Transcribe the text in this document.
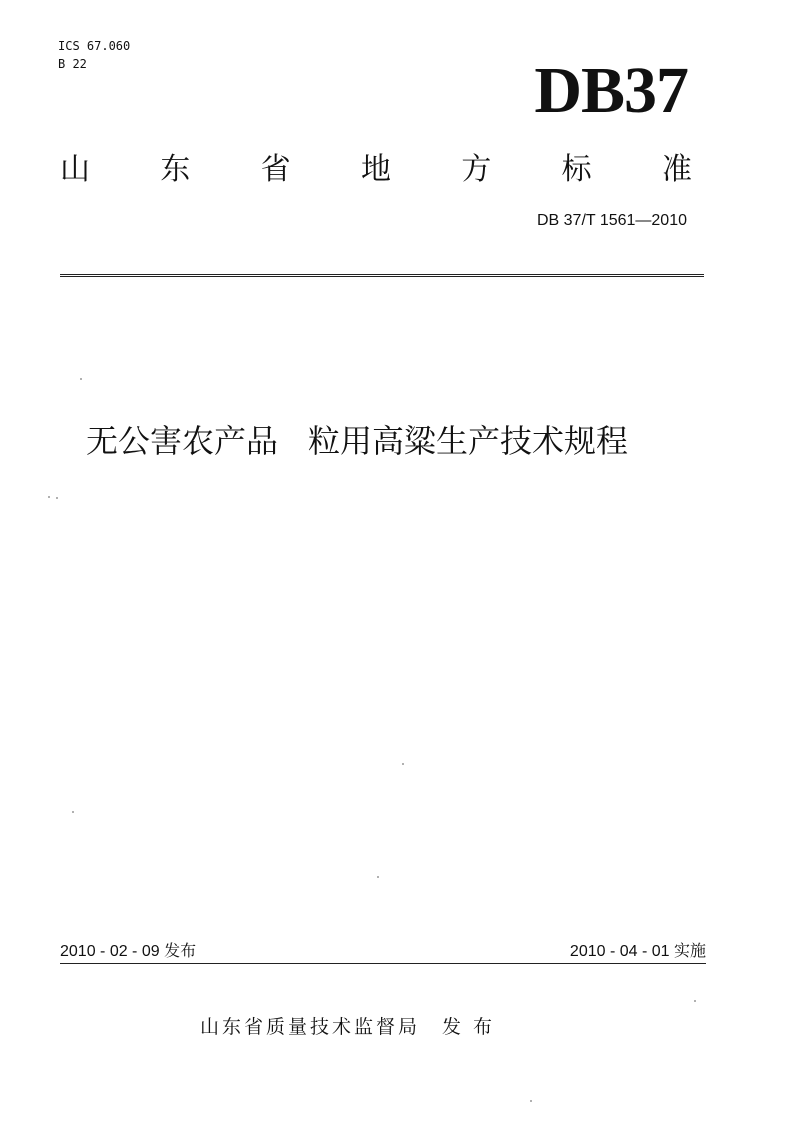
ICS 67.060
B 22	DB37
山 东 省 地 方 标 准
DB 37/T 1561—2010
无公害农产品 粒用高粱生产技术规程
2010 - 02 - 09 发布	2010 - 04 - 01 实施
山东省质量技术监督局 发 布
